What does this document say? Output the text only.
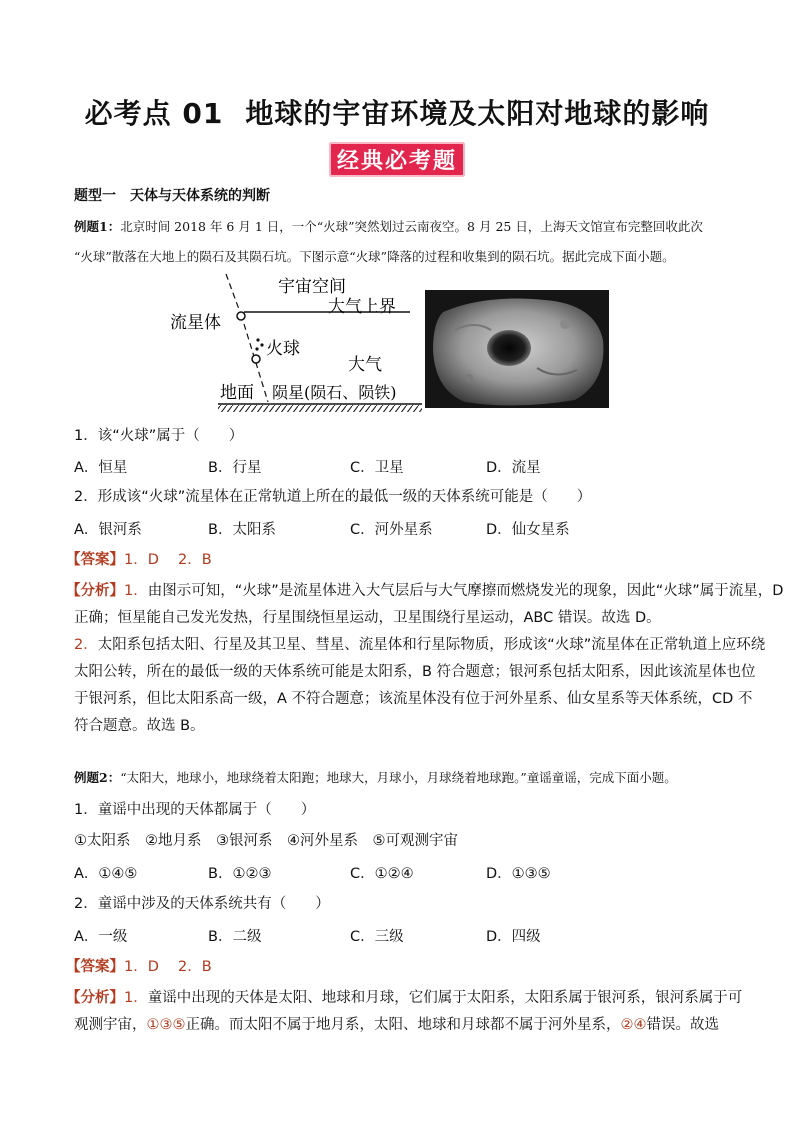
必考点 01 地球的宇宙环境及太阳对地球的影响
经典必考题
题型一　天体与天体系统的判断
例题1：北京时间 2018 年 6 月 1 日，一个“火球”突然划过云南夜空。8 月 25 日，上海天文馆宣布完整回收此次
“火球”散落在大地上的陨石及其陨石坑。下图示意“火球”降落的过程和收集到的陨石坑。据此完成下面小题。
宇宙空间
大气上界
流星体
火球
大气
地面 陨星(陨石、陨铁)
1．该“火球”属于（　　）
A．恒星	B．行星	C．卫星	D．流星
2．形成该“火球”流星体在正常轨道上所在的最低一级的天体系统可能是（　　）
A．银河系	B．太阳系	C．河外星系	D．仙女星系
【答案】1．D　 2．B
【分析】1．由图示可知，“火球”是流星体进入大气层后与大气摩擦而燃烧发光的现象，因此“火球”属于流星，D
正确；恒星能自己发光发热，行星围绕恒星运动，卫星围绕行星运动，ABC 错误。故选 D。
2．太阳系包括太阳、行星及其卫星、彗星、流星体和行星际物质，形成该“火球”流星体在正常轨道上应环绕
太阳公转，所在的最低一级的天体系统可能是太阳系，B 符合题意；银河系包括太阳系，因此该流星体也位
于银河系，但比太阳系高一级，A 不符合题意；该流星体没有位于河外星系、仙女星系等天体系统，CD 不
符合题意。故选 B。
例题2：“太阳大，地球小，地球绕着太阳跑；地球大，月球小，月球绕着地球跑。”童谣童谣，完成下面小题。
1．童谣中出现的天体都属于（　　）
①太阳系　②地月系　③银河系　④河外星系　⑤可观测宇宙
A．①④⑤	B．①②③	C．①②④	D．①③⑤
2．童谣中涉及的天体系统共有（　　）
A．一级	B．二级	C．三级	D．四级
【答案】1．D　 2．B
【分析】1．童谣中出现的天体是太阳、地球和月球，它们属于太阳系，太阳系属于银河系，银河系属于可
观测宇宙，①③⑤正确。而太阳不属于地月系，太阳、地球和月球都不属于河外星系，②④错误。故选
